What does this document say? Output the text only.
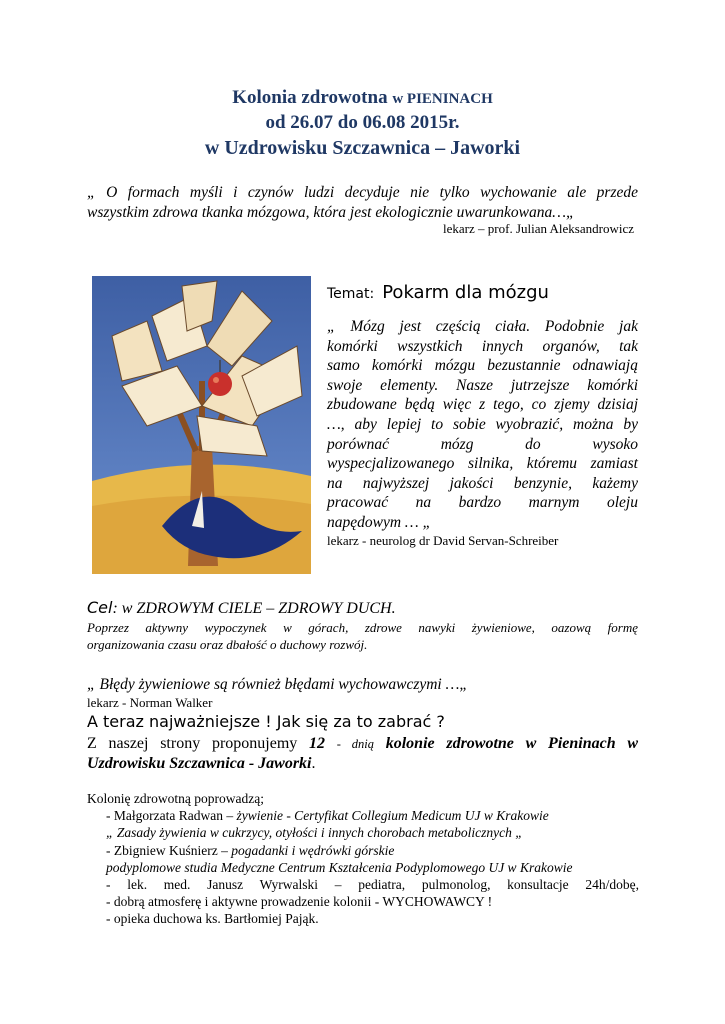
Kolonia zdrowotna w PIENINACH
od 26.07 do 06.08 2015r.
w Uzdrowisku Szczawnica – Jaworki
„ O formach myśli i czynów ludzi decyduje nie tylko wychowanie ale przede
wszystkim zdrowa tkanka mózgowa, która jest ekologicznie uwarunkowana…„
lekarz – prof. Julian Aleksandrowicz
Temat: Pokarm dla mózgu
„ Mózg jest częścią ciała. Podobnie jak
komórki wszystkich innych organów, tak
samo komórki mózgu bezustannie odnawiają
swoje elementy. Nasze jutrzejsze komórki
zbudowane będą więc z tego, co zjemy dzisiaj
…, aby lepiej to sobie wyobrazić, można by
porównać mózg do wysoko
wyspecjalizowanego silnika, któremu zamiast
na najwyższej jakości benzynie, każemy
pracować na bardzo marnym oleju
napędowym … „
lekarz - neurolog dr David Servan-Schreiber
Cel: w ZDROWYM CIELE – ZDROWY DUCH.
Poprzez aktywny wypoczynek w górach, zdrowe nawyki żywieniowe, oazową formę
organizowania czasu oraz dbałość o duchowy rozwój.
„ Błędy żywieniowe są również błędami wychowawczymi …„
lekarz - Norman Walker
A teraz najważniejsze ! Jak się za to zabrać ?
Z naszej strony proponujemy 12 - dnią kolonie zdrowotne w Pieninach w
Uzdrowisku Szczawnica - Jaworki.
Kolonię zdrowotną poprowadzą;
- Małgorzata Radwan – żywienie - Certyfikat Collegium Medicum UJ w Krakowie
„ Zasady żywienia w cukrzycy, otyłości i innych chorobach metabolicznych „
- Zbigniew Kuśnierz – pogadanki i wędrówki górskie
podyplomowe studia Medyczne Centrum Kształcenia Podyplomowego UJ w Krakowie
- lek. med. Janusz Wyrwalski – pediatra, pulmonolog, konsultacje 24h/dobę,
- dobrą atmosferę i aktywne prowadzenie kolonii - WYCHOWAWCY !
- opieka duchowa ks. Bartłomiej Pająk.
